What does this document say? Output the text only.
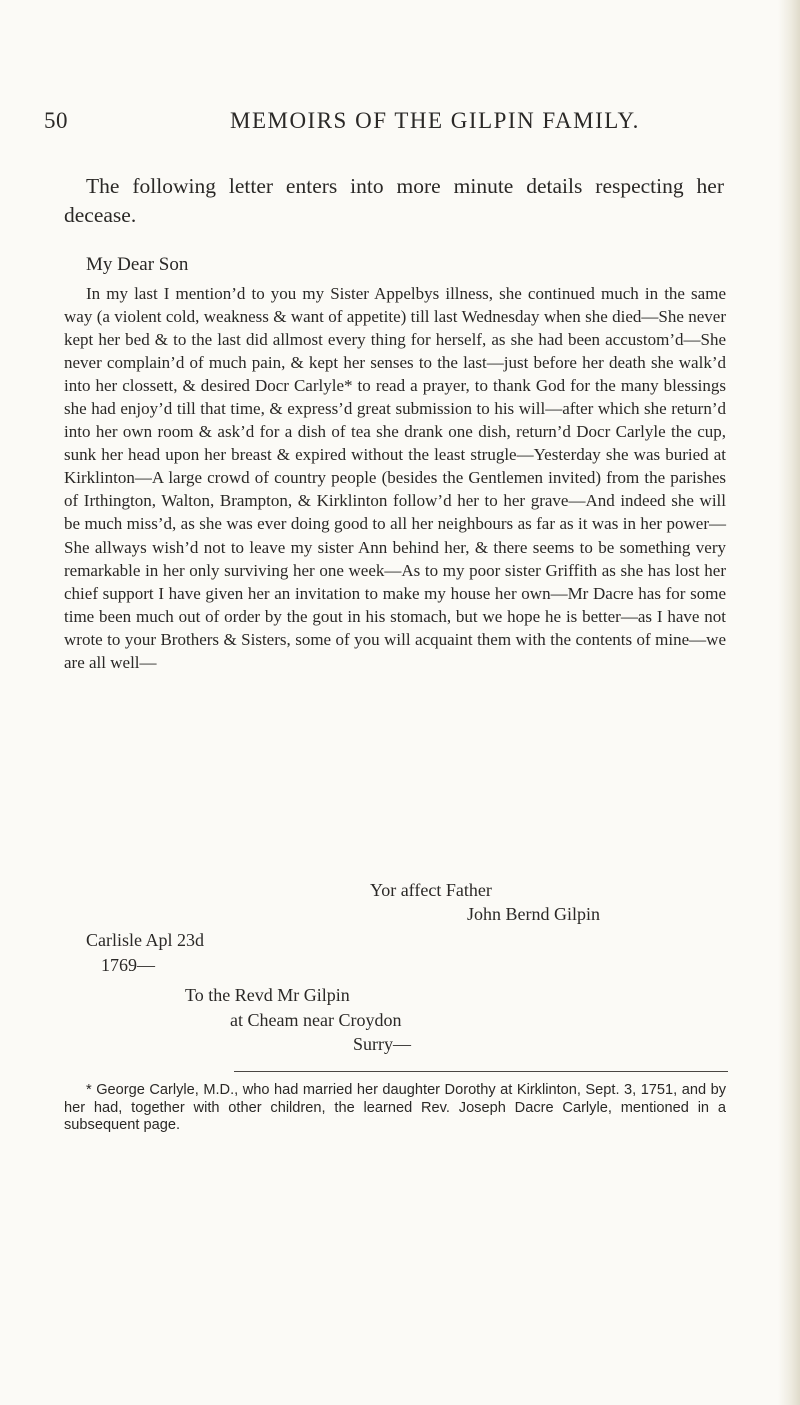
50	MEMOIRS OF THE GILPIN FAMILY.

The following letter enters into more minute details respecting her decease.

My Dear Son

In my last I mention’d to you my Sister Appelbys illness, she continued much in the same way (a violent cold, weakness & want of appetite) till last Wednesday when she died—She never kept her bed & to the last did allmost every thing for herself, as she had been accustom’d—She never complain’d of much pain, & kept her senses to the last—just before her death she walk’d into her clossett, & desired Docr Carlyle* to read a prayer, to thank God for the many blessings she had enjoy’d till that time, & express’d great submission to his will—after which she return’d into her own room & ask’d for a dish of tea she drank one dish, return’d Docr Carlyle the cup, sunk her head upon her breast & expired without the least strugle—Yesterday she was buried at Kirklinton—A large crowd of country people (besides the Gentlemen invited) from the parishes of Irthington, Walton, Brampton, & Kirklinton follow’d her to her grave—And indeed she will be much miss’d, as she was ever doing good to all her neighbours as far as it was in her power—She allways wish’d not to leave my sister Ann behind her, & there seems to be something very remarkable in her only surviving her one week—As to my poor sister Griffith as she has lost her chief support I have given her an invitation to make my house her own—Mr Dacre has for some time been much out of order by the gout in his stomach, but we hope he is better—as I have not wrote to your Brothers & Sisters, some of you will acquaint them with the contents of mine—we are all well—

Yor affect Father

John Bernd Gilpin

Carlisle Apl 23d

1769—

To the Revd Mr Gilpin

at Cheam near Croydon

Surry—

* George Carlyle, M.D., who had married her daughter Dorothy at Kirklinton, Sept. 3, 1751, and by her had, together with other children, the learned Rev. Joseph Dacre Carlyle, mentioned in a subsequent page.
